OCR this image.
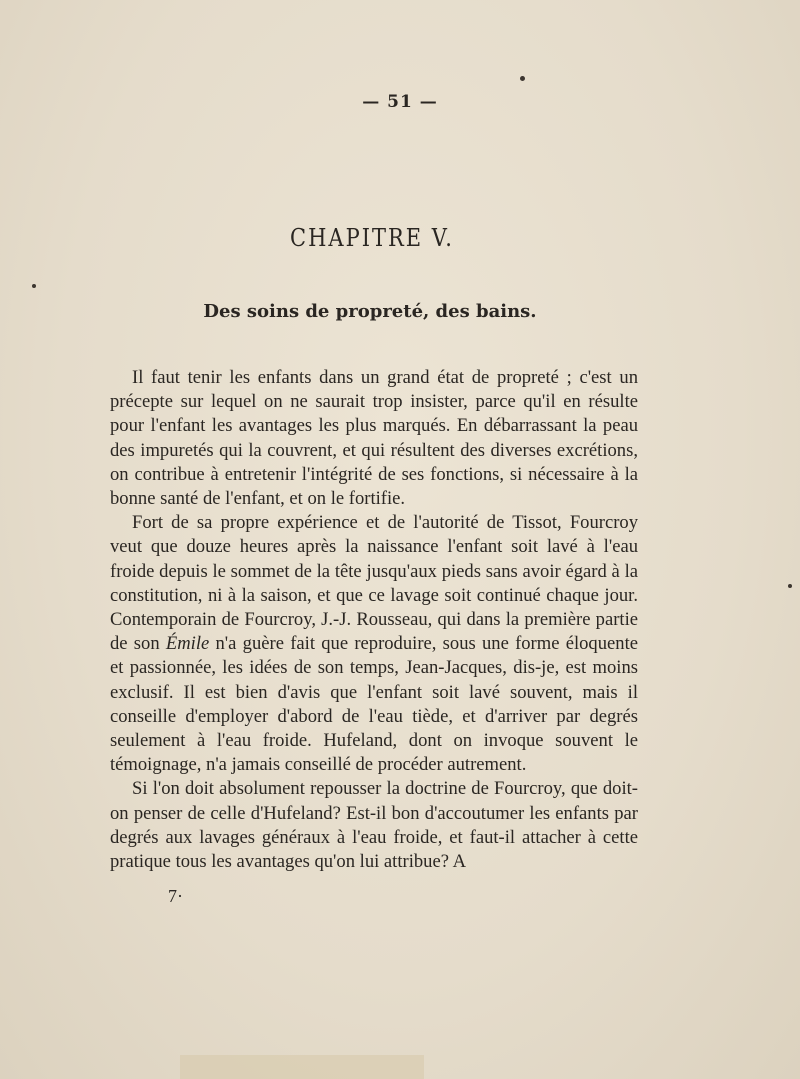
— 51 —
CHAPITRE V.
Des soins de propreté, des bains.

Il faut tenir les enfants dans un grand état de propreté ; c'est un précepte sur lequel on ne saurait trop insister, parce qu'il en résulte pour l'enfant les avantages les plus marqués. En débarrassant la peau des impuretés qui la couvrent, et qui résultent des diverses excrétions, on contribue à entretenir l'intégrité de ses fonctions, si nécessaire à la bonne santé de l'enfant, et on le fortifie.

Fort de sa propre expérience et de l'autorité de Tissot, Fourcroy veut que douze heures après la naissance l'enfant soit lavé à l'eau froide depuis le sommet de la tête jusqu'aux pieds sans avoir égard à la constitution, ni à la saison, et que ce lavage soit continué chaque jour. Contemporain de Fourcroy, J.-J. Rousseau, qui dans la première partie de son Émile n'a guère fait que reproduire, sous une forme éloquente et passionnée, les idées de son temps, Jean-Jacques, dis-je, est moins exclusif. Il est bien d'avis que l'enfant soit lavé souvent, mais il conseille d'employer d'abord de l'eau tiède, et d'arriver par degrés seulement à l'eau froide. Hufeland, dont on invoque souvent le témoignage, n'a jamais conseillé de procéder autrement.

Si l'on doit absolument repousser la doctrine de Fourcroy, que doit-on penser de celle d'Hufeland? Est-il bon d'accoutumer les enfants par degrés aux lavages généraux à l'eau froide, et faut-il attacher à cette pratique tous les avantages qu'on lui attribue? A

7·
